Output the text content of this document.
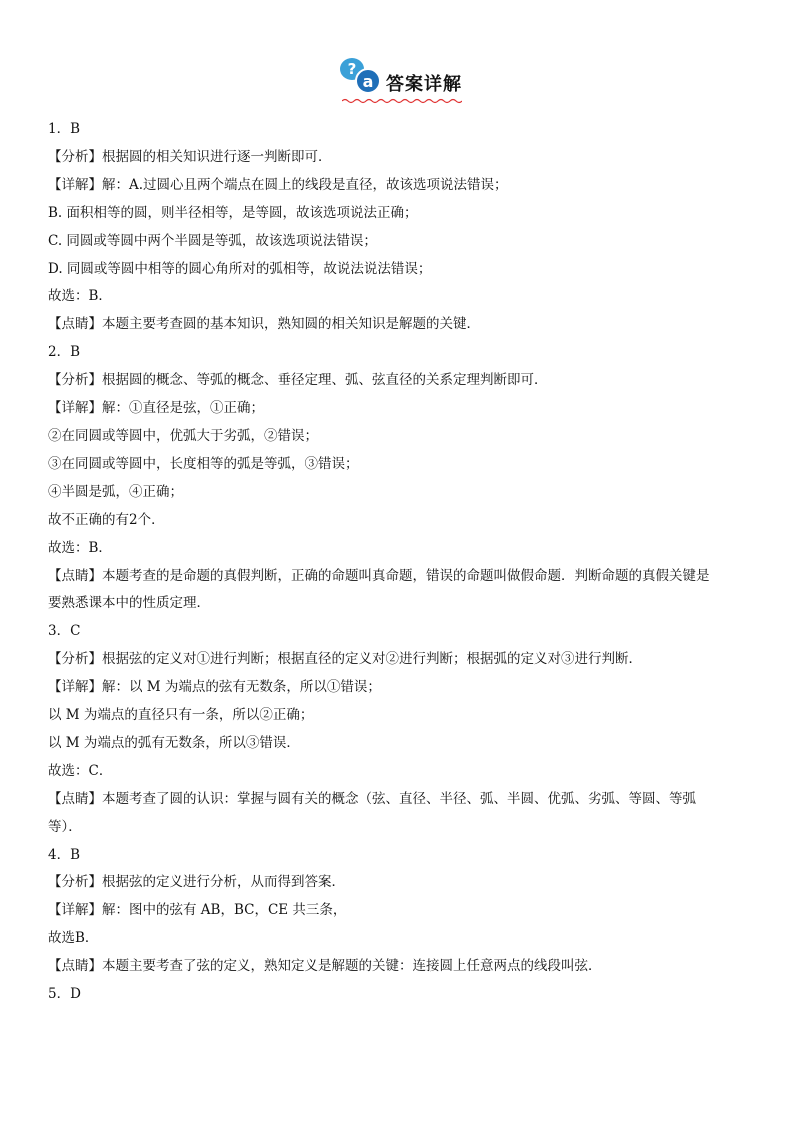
?
a 答案详解
1．B
【分析】根据圆的相关知识进行逐一判断即可．
【详解】解：A.过圆心且两个端点在圆上的线段是直径，故该选项说法错误；
B. 面积相等的圆，则半径相等，是等圆，故该选项说法正确；
C. 同圆或等圆中两个半圆是等弧，故该选项说法错误；
D. 同圆或等圆中相等的圆心角所对的弧相等，故说法说法错误；
故选：B．
【点睛】本题主要考查圆的基本知识，熟知圆的相关知识是解题的关键．
2．B
【分析】根据圆的概念、等弧的概念、垂径定理、弧、弦直径的关系定理判断即可．
【详解】解：①直径是弦，①正确；
②在同圆或等圆中，优弧大于劣弧，②错误；
③在同圆或等圆中，长度相等的弧是等弧，③错误；
④半圆是弧，④正确；
故不正确的有2个．
故选：B．
【点睛】本题考查的是命题的真假判断，正确的命题叫真命题，错误的命题叫做假命题．判断命题的真假关键是
要熟悉课本中的性质定理．
3．C
【分析】根据弦的定义对①进行判断；根据直径的定义对②进行判断；根据弧的定义对③进行判断．
【详解】解：以 M 为端点的弦有无数条，所以①错误；
以 M 为端点的直径只有一条，所以②正确；
以 M 为端点的弧有无数条，所以③错误．
故选：C．
【点睛】本题考查了圆的认识：掌握与圆有关的概念（弦、直径、半径、弧、半圆、优弧、劣弧、等圆、等弧
等）．
4．B
【分析】根据弦的定义进行分析，从而得到答案．
【详解】解：图中的弦有 AB，BC，CE 共三条，
故选B．
【点睛】本题主要考查了弦的定义，熟知定义是解题的关键：连接圆上任意两点的线段叫弦．
5．D
